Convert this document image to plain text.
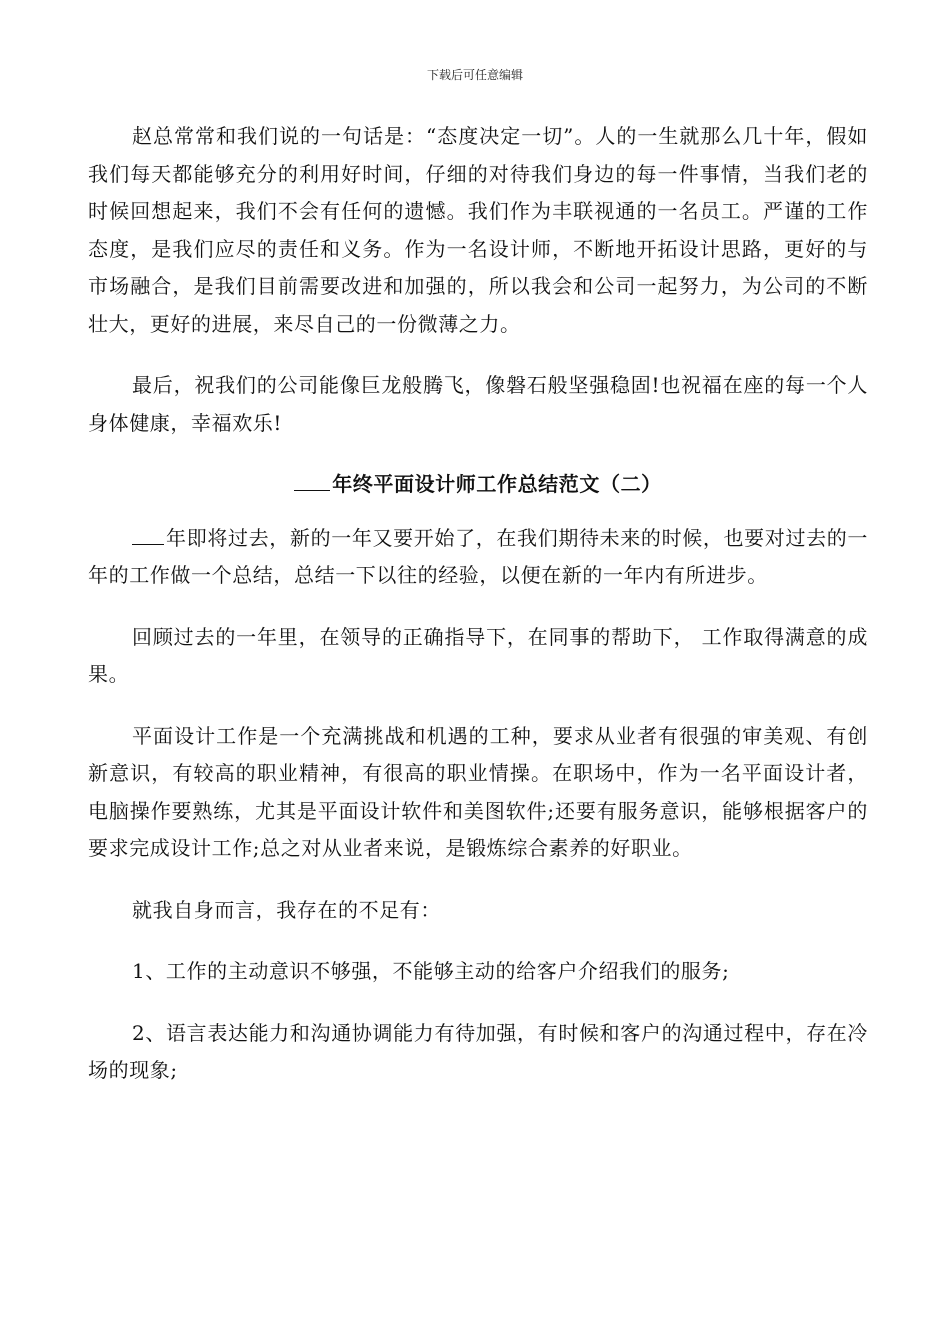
下载后可任意编辑

赵总常常和我们说的一句话是：“态度决定一切”。人的一生就那么几十年，假如我们每天都能够充分的利用好时间，仔细的对待我们身边的每一件事情，当我们老的时候回想起来，我们不会有任何的遗憾。我们作为丰联视通的一名员工。严谨的工作态度，是我们应尽的责任和义务。作为一名设计师，不断地开拓设计思路，更好的与市场融合，是我们目前需要改进和加强的，所以我会和公司一起努力，为公司的不断壮大，更好的进展，来尽自己的一份微薄之力。

最后，祝我们的公司能像巨龙般腾飞，像磐石般坚强稳固!也祝福在座的每一个人身体健康，幸福欢乐!

年终平面设计师工作总结范文（二）

年即将过去，新的一年又要开始了，在我们期待未来的时候，也要对过去的一年的工作做一个总结，总结一下以往的经验，以便在新的一年内有所进步。

回顾过去的一年里，在领导的正确指导下，在同事的帮助下， 工作取得满意的成果。

平面设计工作是一个充满挑战和机遇的工种，要求从业者有很强的审美观、有创新意识，有较高的职业精神，有很高的职业情操。在职场中，作为一名平面设计者，电脑操作要熟练，尤其是平面设计软件和美图软件;还要有服务意识，能够根据客户的要求完成设计工作;总之对从业者来说，是锻炼综合素养的好职业。

就我自身而言，我存在的不足有：

1、工作的主动意识不够强，不能够主动的给客户介绍我们的服务;

2、语言表达能力和沟通协调能力有待加强，有时候和客户的沟通过程中，存在冷场的现象;
